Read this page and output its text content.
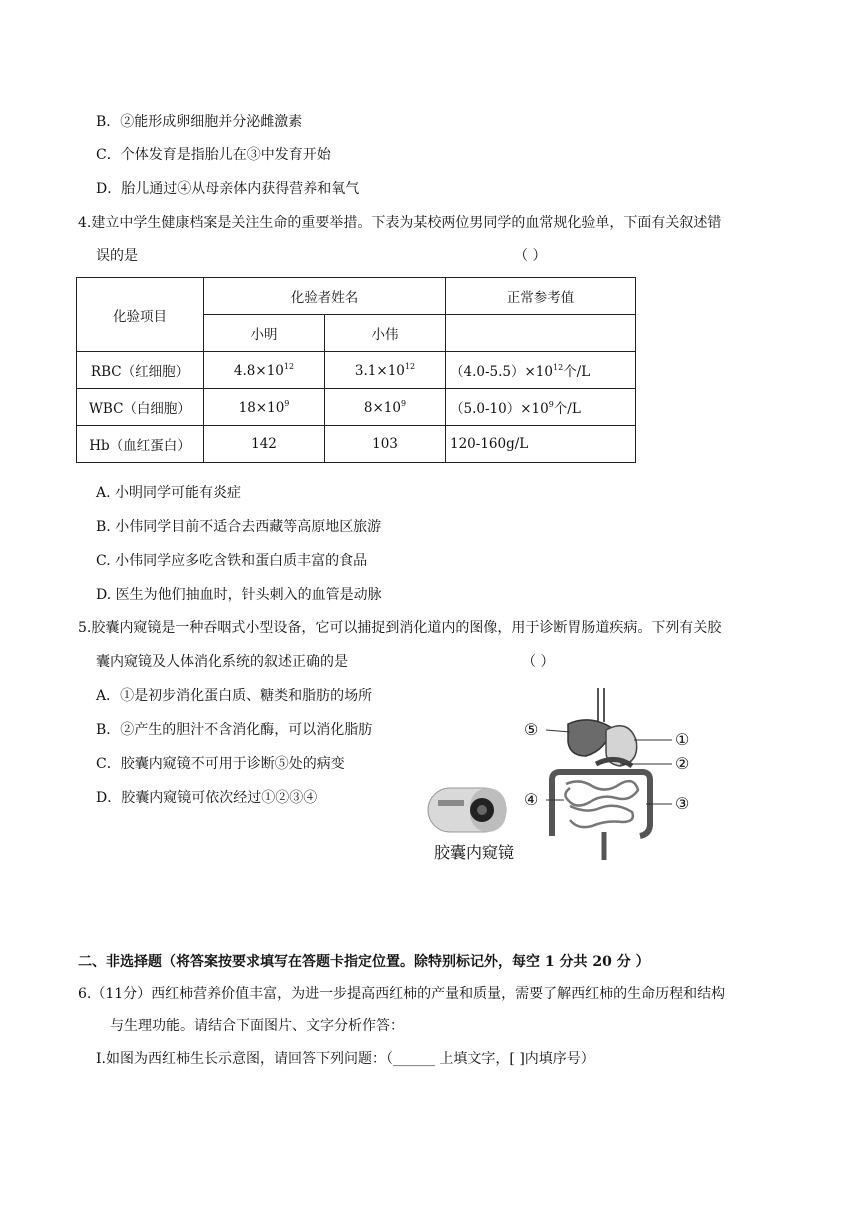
B．②能形成卵细胞并分泌雌激素
C．个体发育是指胎儿在③中发育开始
D．胎儿通过④从母亲体内获得营养和氧气
4.建立中学生健康档案是关注生命的重要举措。下表为某校两位男同学的血常规化验单，下面有关叙述错
误的是	（ ）
化验项目	化验者姓名		正常参考值
	小明	小伟	
RBC（红细胞）	$4.8\times 10^{12}$	$3.1\times 10^{12}$	$(4.0-5.5)\times 10^{12}$个/L
WBC（白细胞）	$18\times 10^9$	$8\times 10^9$	$(5.0-10)\times 10^9$个/L
Hb（血红蛋白）	142	103	120-160g/L
A. 小明同学可能有炎症
B. 小伟同学目前不适合去西藏等高原地区旅游
C. 小伟同学应多吃含铁和蛋白质丰富的食品
D. 医生为他们抽血时，针头刺入的血管是动脉
5.胶囊内窥镜是一种吞咽式小型设备，它可以捕捉到消化道内的图像，用于诊断胃肠道疾病。下列有关胶
囊内窥镜及人体消化系统的叙述正确的是	（ ）
A．①是初步消化蛋白质、糖类和脂肪的场所
B．②产生的胆汁不含消化酶，可以消化脂肪
C．胶囊内窥镜不可用于诊断⑤处的病变
D．胶囊内窥镜可依次经过①②③④
⑤
①
②
④	③
胶囊内窥镜
二、非选择题（将答案按要求填写在答题卡指定位置。除特别标记外，每空 1 分共 20 分 ）
6.（11分）西红柿营养价值丰富，为进一步提高西红柿的产量和质量，需要了解西红柿的生命历程和结构
与生理功能。请结合下面图片、文字分析作答：
Ⅰ.如图为西红柿生长示意图，请回答下列问题：（______ 上填文字，[ ]内填序号）
